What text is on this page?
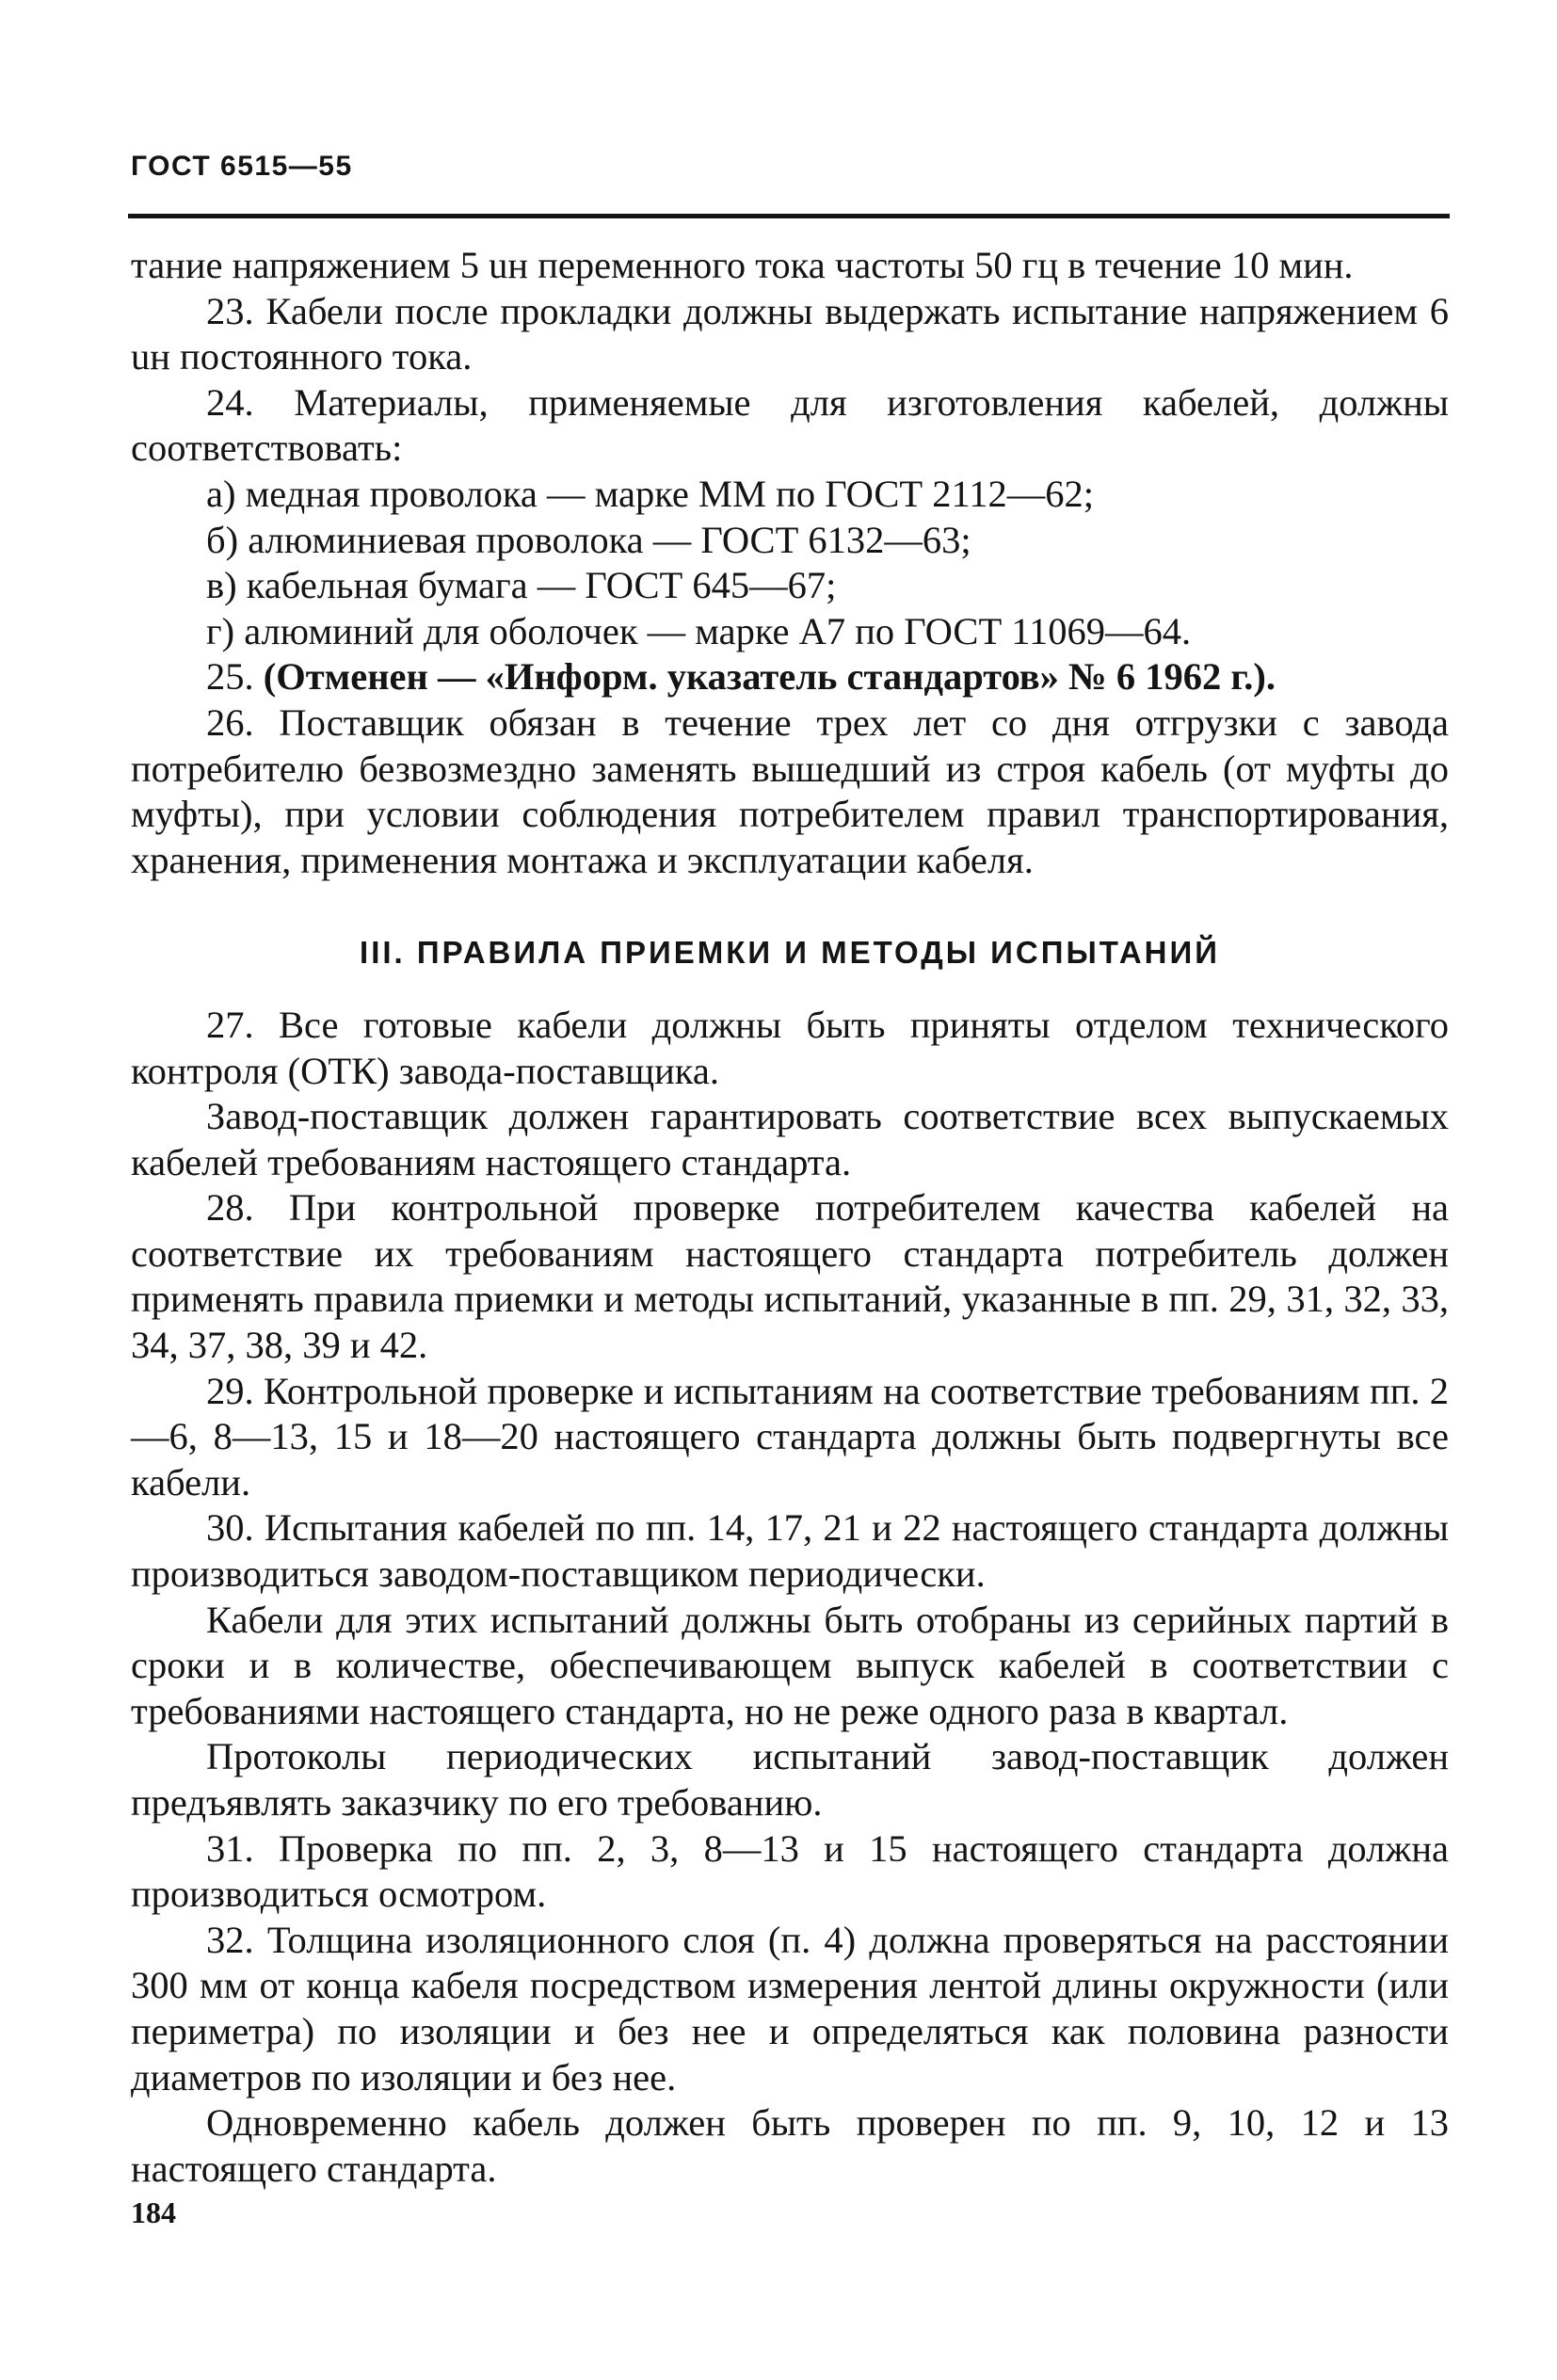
ГОСТ 6515—55

тание напряжением 5 uн переменного тока частоты 50 гц в течение 10 мин.

23. Кабели после прокладки должны выдержать испытание напряжением 6 uн постоянного тока.

24. Материалы, применяемые для изготовления кабелей, должны соответствовать:

а) медная проволока — марке ММ по ГОСТ 2112—62;

б) алюминиевая проволока — ГОСТ 6132—63;

в) кабельная бумага — ГОСТ 645—67;

г) алюминий для оболочек — марке А7 по ГОСТ 11069—64.

25. (Отменен — «Информ. указатель стандартов» № 6 1962 г.).

26. Поставщик обязан в течение трех лет со дня отгрузки с завода потребителю безвозмездно заменять вышедший из строя кабель (от муфты до муфты), при условии соблюдения потребителем правил транспортирования, хранения, применения монтажа и эксплуатации кабеля.

III. ПРАВИЛА ПРИЕМКИ И МЕТОДЫ ИСПЫТАНИЙ

27. Все готовые кабели должны быть приняты отделом технического контроля (ОТК) завода-поставщика.

Завод-поставщик должен гарантировать соответствие всех выпускаемых кабелей требованиям настоящего стандарта.

28. При контрольной проверке потребителем качества кабелей на соответствие их требованиям настоящего стандарта потребитель должен применять правила приемки и методы испытаний, указанные в пп. 29, 31, 32, 33, 34, 37, 38, 39 и 42.

29. Контрольной проверке и испытаниям на соответствие требованиям пп. 2—6, 8—13, 15 и 18—20 настоящего стандарта должны быть подвергнуты все кабели.

30. Испытания кабелей по пп. 14, 17, 21 и 22 настоящего стандарта должны производиться заводом-поставщиком периодически.

Кабели для этих испытаний должны быть отобраны из серийных партий в сроки и в количестве, обеспечивающем выпуск кабелей в соответствии с требованиями настоящего стандарта, но не реже одного раза в квартал.

Протоколы периодических испытаний завод-поставщик должен предъявлять заказчику по его требованию.

31. Проверка по пп. 2, 3, 8—13 и 15 настоящего стандарта должна производиться осмотром.

32. Толщина изоляционного слоя (п. 4) должна проверяться на расстоянии 300 мм от конца кабеля посредством измерения лентой длины окружности (или периметра) по изоляции и без нее и определяться как половина разности диаметров по изоляции и без нее.

Одновременно кабель должен быть проверен по пп. 9, 10, 12 и 13 настоящего стандарта.

184
